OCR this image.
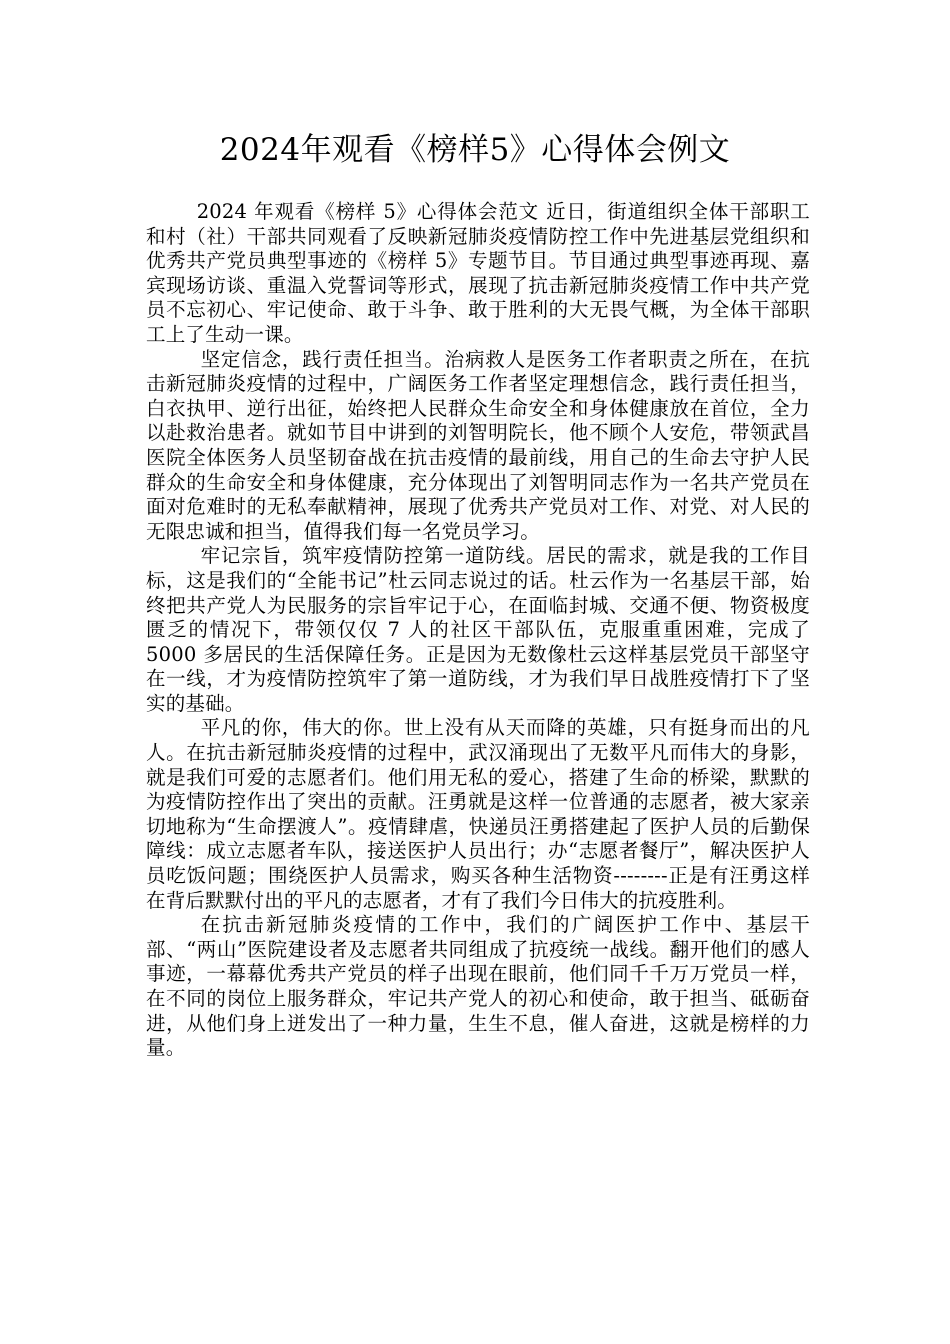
2024年观看《榜样5》心得体会例文

2024 年观看《榜样 5》心得体会范文 近日，街道组织全体干部职工和村（社）干部共同观看了反映新冠肺炎疫情防控工作中先进基层党组织和优秀共产党员典型事迹的《榜样 5》专题节目。节目通过典型事迹再现、嘉宾现场访谈、重温入党誓词等形式，展现了抗击新冠肺炎疫情工作中共产党员不忘初心、牢记使命、敢于斗争、敢于胜利的大无畏气概，为全体干部职工上了生动一课。

坚定信念，践行责任担当。治病救人是医务工作者职责之所在，在抗击新冠肺炎疫情的过程中，广阔医务工作者坚定理想信念，践行责任担当，白衣执甲、逆行出征，始终把人民群众生命安全和身体健康放在首位，全力以赴救治患者。就如节目中讲到的刘智明院长，他不顾个人安危，带领武昌医院全体医务人员坚韧奋战在抗击疫情的最前线，用自己的生命去守护人民群众的生命安全和身体健康，充分体现出了刘智明同志作为一名共产党员在面对危难时的无私奉献精神，展现了优秀共产党员对工作、对党、对人民的无限忠诚和担当，值得我们每一名党员学习。

牢记宗旨，筑牢疫情防控第一道防线。居民的需求，就是我的工作目标，这是我们的“全能书记”杜云同志说过的话。杜云作为一名基层干部，始终把共产党人为民服务的宗旨牢记于心，在面临封城、交通不便、物资极度匮乏的情况下，带领仅仅 7 人的社区干部队伍，克服重重困难，完成了 5000 多居民的生活保障任务。正是因为无数像杜云这样基层党员干部坚守在一线，才为疫情防控筑牢了第一道防线，才为我们早日战胜疫情打下了坚实的基础。

平凡的你，伟大的你。世上没有从天而降的英雄，只有挺身而出的凡人。在抗击新冠肺炎疫情的过程中，武汉涌现出了无数平凡而伟大的身影，就是我们可爱的志愿者们。他们用无私的爱心，搭建了生命的桥梁，默默的为疫情防控作出了突出的贡献。汪勇就是这样一位普通的志愿者，被大家亲切地称为“生命摆渡人”。疫情肆虐，快递员汪勇搭建起了医护人员的后勤保障线：成立志愿者车队，接送医护人员出行；办“志愿者餐厅”，解决医护人员吃饭问题；围绕医护人员需求，购买各种生活物资--------正是有汪勇这样在背后默默付出的平凡的志愿者，才有了我们今日伟大的抗疫胜利。

在抗击新冠肺炎疫情的工作中，我们的广阔医护工作中、基层干部、“两山”医院建设者及志愿者共同组成了抗疫统一战线。翻开他们的感人事迹，一幕幕优秀共产党员的样子出现在眼前，他们同千千万万党员一样，在不同的岗位上服务群众，牢记共产党人的初心和使命，敢于担当、砥砺奋进，从他们身上迸发出了一种力量，生生不息，催人奋进，这就是榜样的力量。
